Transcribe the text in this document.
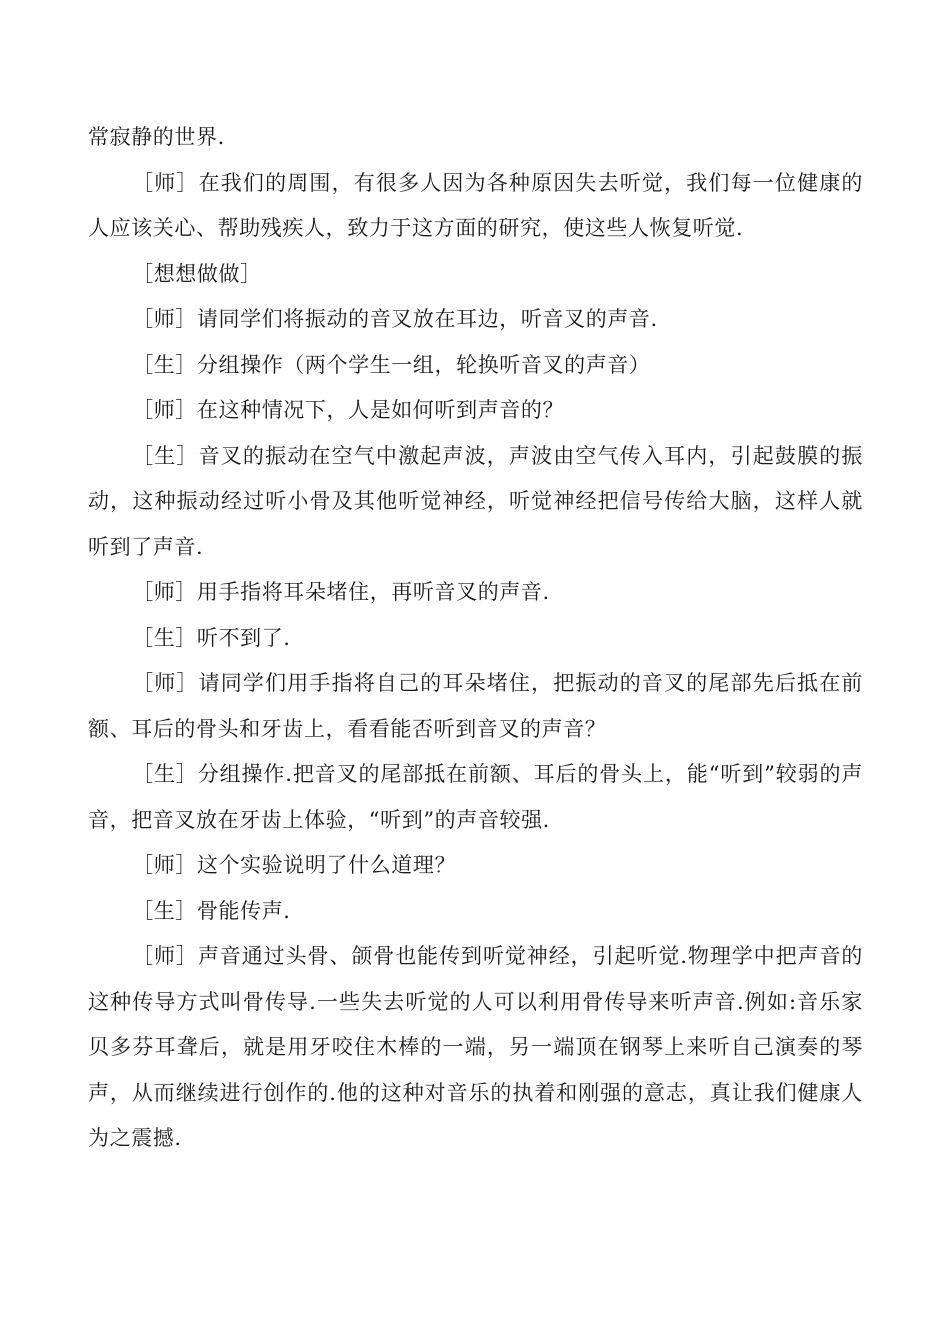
常寂静的世界.

［师］在我们的周围，有很多人因为各种原因失去听觉，我们每一位健康的人应该关心、帮助残疾人，致力于这方面的研究，使这些人恢复听觉.

［想想做做］

［师］请同学们将振动的音叉放在耳边，听音叉的声音.

［生］分组操作（两个学生一组，轮换听音叉的声音）

［师］在这种情况下，人是如何听到声音的？

［生］音叉的振动在空气中激起声波，声波由空气传入耳内，引起鼓膜的振动，这种振动经过听小骨及其他听觉神经，听觉神经把信号传给大脑，这样人就听到了声音.

［师］用手指将耳朵堵住，再听音叉的声音.

［生］听不到了.

［师］请同学们用手指将自己的耳朵堵住，把振动的音叉的尾部先后抵在前额、耳后的骨头和牙齿上，看看能否听到音叉的声音？

［生］分组操作.把音叉的尾部抵在前额、耳后的骨头上，能“听到”较弱的声音，把音叉放在牙齿上体验，“听到”的声音较强.

［师］这个实验说明了什么道理？

［生］骨能传声.

［师］声音通过头骨、颌骨也能传到听觉神经，引起听觉.物理学中把声音的这种传导方式叫骨传导.一些失去听觉的人可以利用骨传导来听声音.例如:音乐家贝多芬耳聋后，就是用牙咬住木棒的一端，另一端顶在钢琴上来听自己演奏的琴声，从而继续进行创作的.他的这种对音乐的执着和刚强的意志，真让我们健康人为之震撼.
